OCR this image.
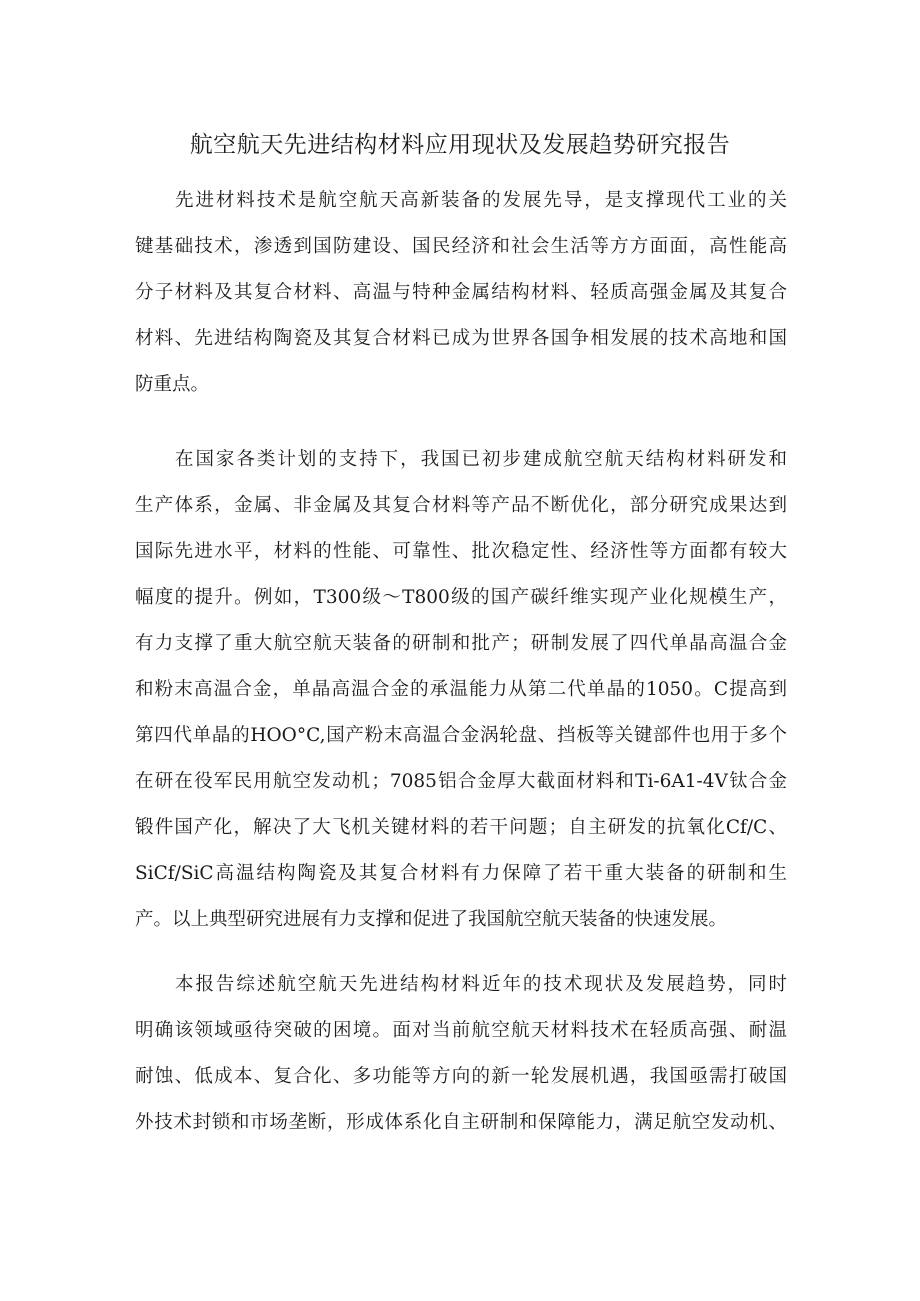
航空航天先进结构材料应用现状及发展趋势研究报告
先进材料技术是航空航天高新装备的发展先导，是支撑现代工业的关
键基础技术，渗透到国防建设、国民经济和社会生活等方方面面，高性能高
分子材料及其复合材料、高温与特种金属结构材料、轻质高强金属及其复合
材料、先进结构陶瓷及其复合材料已成为世界各国争相发展的技术高地和国
防重点。
在国家各类计划的支持下，我国已初步建成航空航天结构材料研发和
生产体系，金属、非金属及其复合材料等产品不断优化，部分研究成果达到
国际先进水平，材料的性能、可靠性、批次稳定性、经济性等方面都有较大
幅度的提升。例如，T300级～T800级的国产碳纤维实现产业化规模生产，
有力支撑了重大航空航天装备的研制和批产；研制发展了四代单晶高温合金
和粉末高温合金，单晶高温合金的承温能力从第二代单晶的1050。C提高到
第四代单晶的HOO°C,国产粉末高温合金涡轮盘、挡板等关键部件也用于多个
在研在役军民用航空发动机；7085铝合金厚大截面材料和Ti-6A1-4V钛合金
锻件国产化，解决了大飞机关键材料的若干问题；自主研发的抗氧化Cf/C、
SiCf/SiC高温结构陶瓷及其复合材料有力保障了若干重大装备的研制和生
产。以上典型研究进展有力支撑和促进了我国航空航天装备的快速发展。
本报告综述航空航天先进结构材料近年的技术现状及发展趋势，同时
明确该领域亟待突破的困境。面对当前航空航天材料技术在轻质高强、耐温
耐蚀、低成本、复合化、多功能等方向的新一轮发展机遇，我国亟需打破国
外技术封锁和市场垄断，形成体系化自主研制和保障能力，满足航空发动机、
